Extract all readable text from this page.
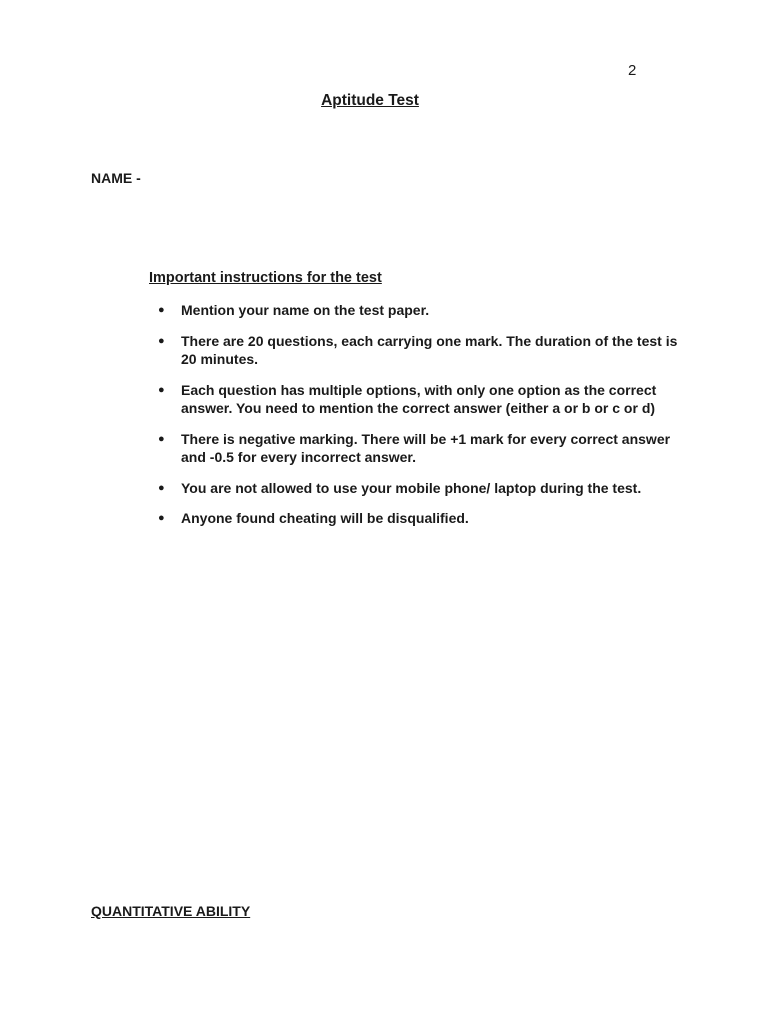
2
Aptitude Test
NAME -
Important instructions for the test
● Mention your name on the test paper.
● There are 20 questions, each carrying one mark. The duration of the test is 20 minutes.
● Each question has multiple options, with only one option as the correct answer. You need to mention the correct answer (either a or b or c or d)
● There is negative marking. There will be +1 mark for every correct answer and -0.5 for every incorrect answer.
● You are not allowed to use your mobile phone/ laptop during the test.
● Anyone found cheating will be disqualified.
QUANTITATIVE ABILITY
